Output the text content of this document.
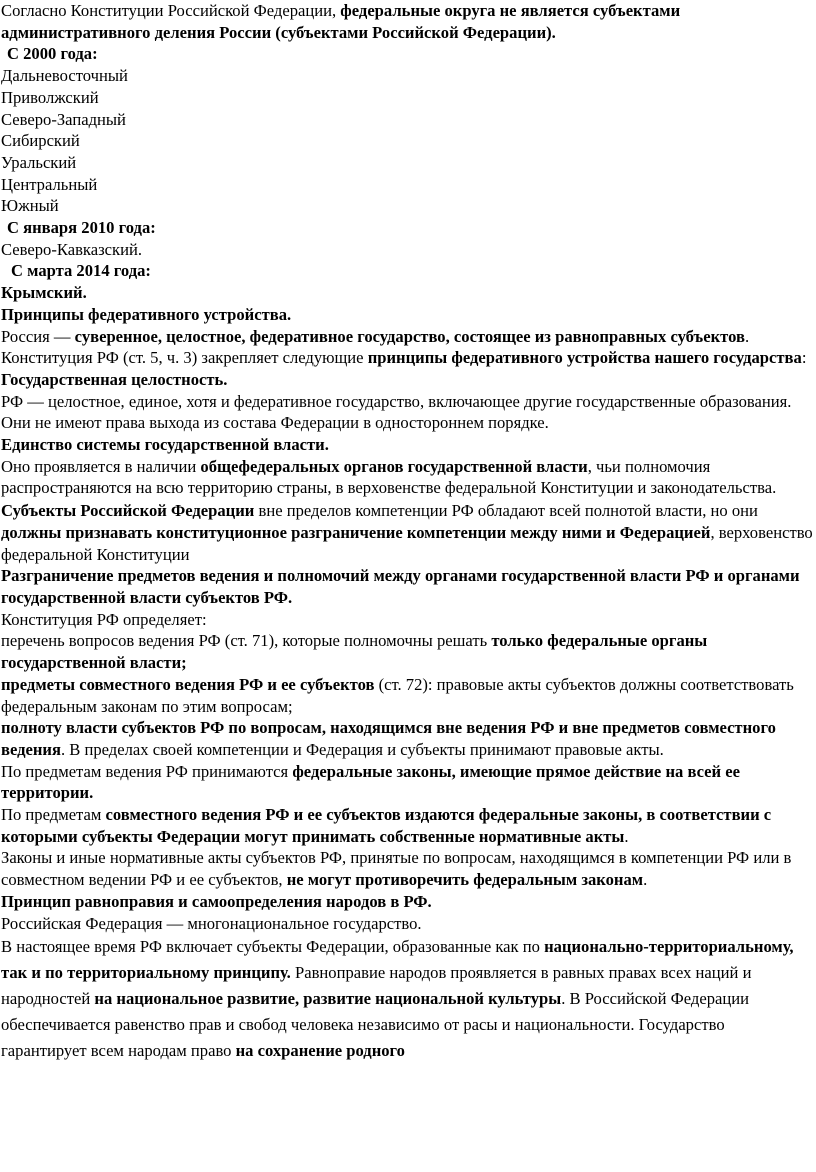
Согласно Конституции Российской Федерации, федеральные округа не является субъектами административного деления России (субъектами Российской Федерации).

С 2000 года:

Дальневосточный

Приволжский

Северо-Западный

Сибирский

Уральский

Центральный

Южный

С января 2010 года:

Северо-Кавказский.

С марта 2014 года:

Крымский.

Принципы федеративного устройства.

Россия — суверенное, целостное, федеративное государство, состоящее из равноправных субъектов. Конституция РФ (ст. 5, ч. 3) закрепляет следующие принципы федеративного устройства нашего государства:

Государственная целостность.

РФ — целостное, единое, хотя и федеративное государство, включающее другие государственные образования. Они не имеют права выхода из состава Федерации в одностороннем порядке.

Единство системы государственной власти.

Оно проявляется в наличии общефедеральных органов государственной власти, чьи полномочия распространяются на всю территорию страны, в верховенстве федеральной Конституции и законодательства.

Субъекты Российской Федерации вне пределов компетенции РФ обладают всей полнотой власти, но они должны признавать конституционное разграничение компетенции между ними и Федерацией, верховенство федеральной Конституции

Разграничение предметов ведения и полномочий между органами государственной власти РФ и органами государственной власти субъектов РФ.

Конституция РФ определяет:

перечень вопросов ведения РФ (ст. 71), которые полномочны решать только федеральные органы государственной власти;

предметы совместного ведения РФ и ее субъектов (ст. 72): правовые акты субъектов должны соответствовать федеральным законам по этим вопросам;

полноту власти субъектов РФ по вопросам, находящимся вне ведения РФ и вне предметов совместного ведения. В пределах своей компетенции и Федерация и субъекты принимают правовые акты.

По предметам ведения РФ принимаются федеральные законы, имеющие прямое действие на всей ее территории.

По предметам совместного ведения РФ и ее субъектов издаются федеральные законы, в соответствии с которыми субъекты Федерации могут принимать собственные нормативные акты.

Законы и иные нормативные акты субъектов РФ, принятые по вопросам, находящимся в компетенции РФ или в совместном ведении РФ и ее субъектов, не могут противоречить федеральным законам.

Принцип равноправия и самоопределения народов в РФ.

Российская Федерация — многонациональное государство.

В настоящее время РФ включает субъекты Федерации, образованные как по национально-территориальному, так и по территориальному принципу. Равноправие народов проявляется в равных правах всех наций и народностей на национальное развитие, развитие национальной культуры. В Российской Федерации обеспечивается равенство прав и свобод человека независимо от расы и национальности. Государство гарантирует всем народам право на сохранение родного
